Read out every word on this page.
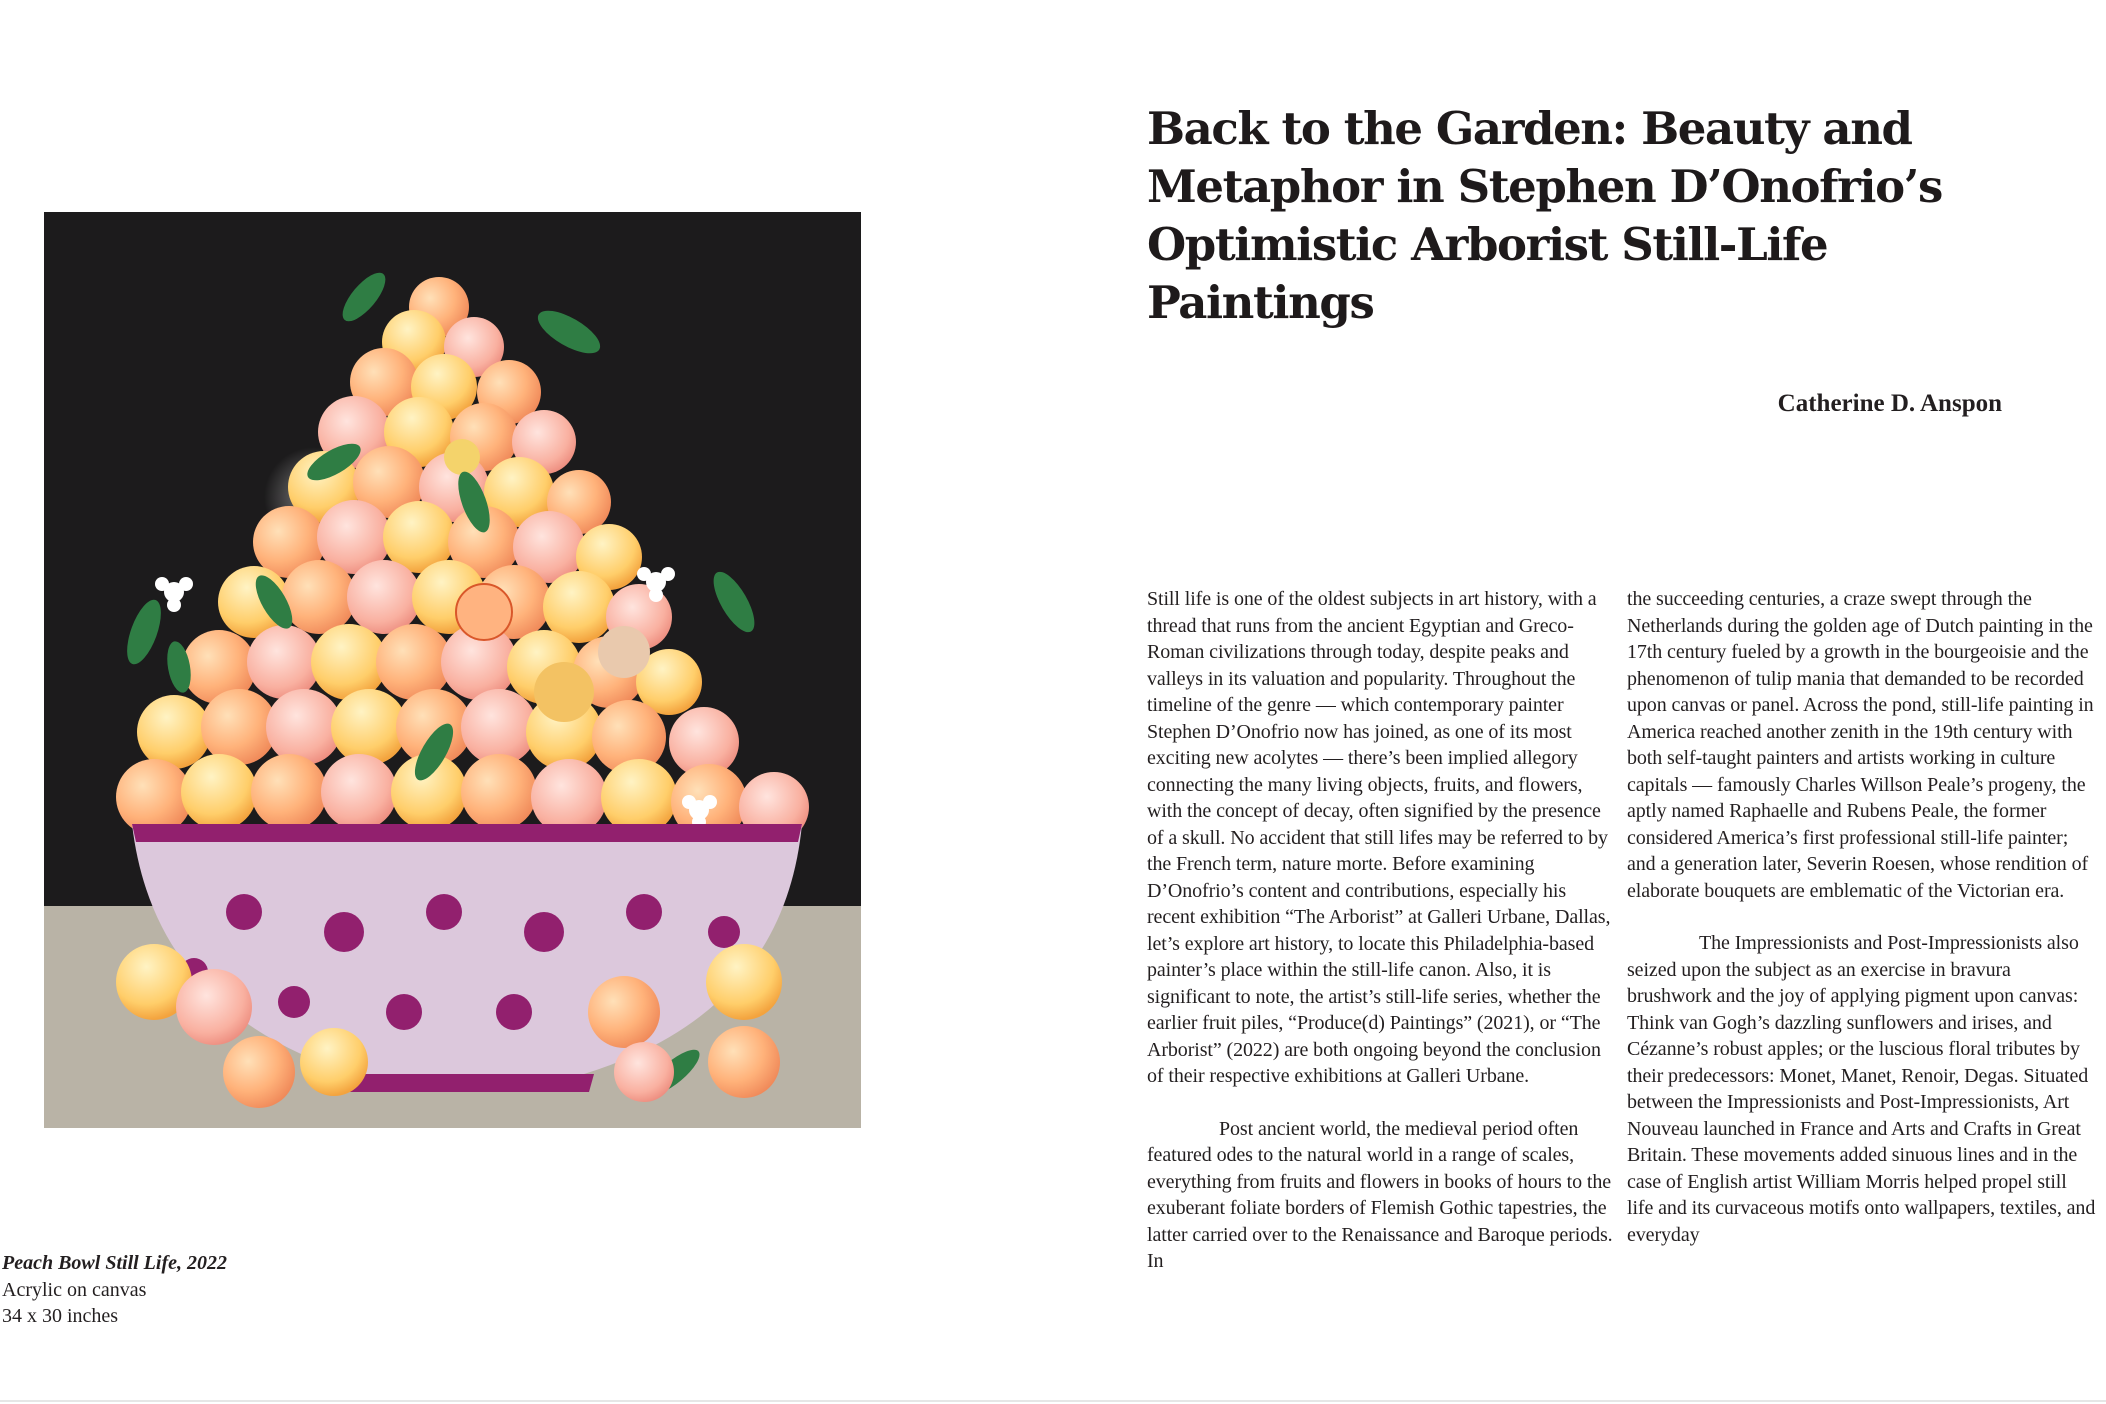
Peach Bowl Still Life, 2022
Acrylic on canvas
34 x 30 inches
Back to the Garden: Beauty and Metaphor in Stephen D’Onofrio’s Optimistic Arborist Still-Life Paintings
Catherine D. Anspon

Still life is one of the oldest subjects in art history, with a thread that runs from the ancient Egyptian and Greco-Roman civilizations through today, despite peaks and valleys in its valuation and popularity. Throughout the timeline of the genre — which contemporary painter Stephen D’Onofrio now has joined, as one of its most exciting new acolytes — there’s been implied allegory connecting the many living objects, fruits, and flowers, with the concept of decay, often signified by the presence of a skull. No accident that still lifes may be referred to by the French term, nature morte. Before examining D’Onofrio’s content and contributions, especially his recent exhibition “The Arborist” at Galleri Urbane, Dallas, let’s explore art history, to locate this Philadelphia-based painter’s place within the still-life canon. Also, it is significant to note, the artist’s still-life series, whether the earlier fruit piles, “Produce(d) Paintings” (2021), or “The Arborist” (2022) are both ongoing beyond the conclusion of their respective exhibitions at Galleri Urbane.

Post ancient world, the medieval period often featured odes to the natural world in a range of scales, everything from fruits and flowers in books of hours to the exuberant foliate borders of Flemish Gothic tapestries, the latter carried over to the Renaissance and Baroque periods. In

the succeeding centuries, a craze swept through the Netherlands during the golden age of Dutch painting in the 17th century fueled by a growth in the bourgeoisie and the phenomenon of tulip mania that demanded to be recorded upon canvas or panel. Across the pond, still-life painting in America reached another zenith in the 19th century with both self-taught painters and artists working in culture capitals — famously Charles Willson Peale’s progeny, the aptly named Raphaelle and Rubens Peale, the former considered America’s first professional still-life painter; and a generation later, Severin Roesen, whose rendition of elaborate bouquets are emblematic of the Victorian era.

The Impressionists and Post-Impressionists also seized upon the subject as an exercise in bravura brushwork and the joy of applying pigment upon canvas: Think van Gogh’s dazzling sunflowers and irises, and Cézanne’s robust apples; or the luscious floral tributes by their predecessors: Monet, Manet, Renoir, Degas. Situated between the Impressionists and Post-Impressionists, Art Nouveau launched in France and Arts and Crafts in Great Britain. These movements added sinuous lines and in the case of English artist William Morris helped propel still life and its curvaceous motifs onto wallpapers, textiles, and everyday
